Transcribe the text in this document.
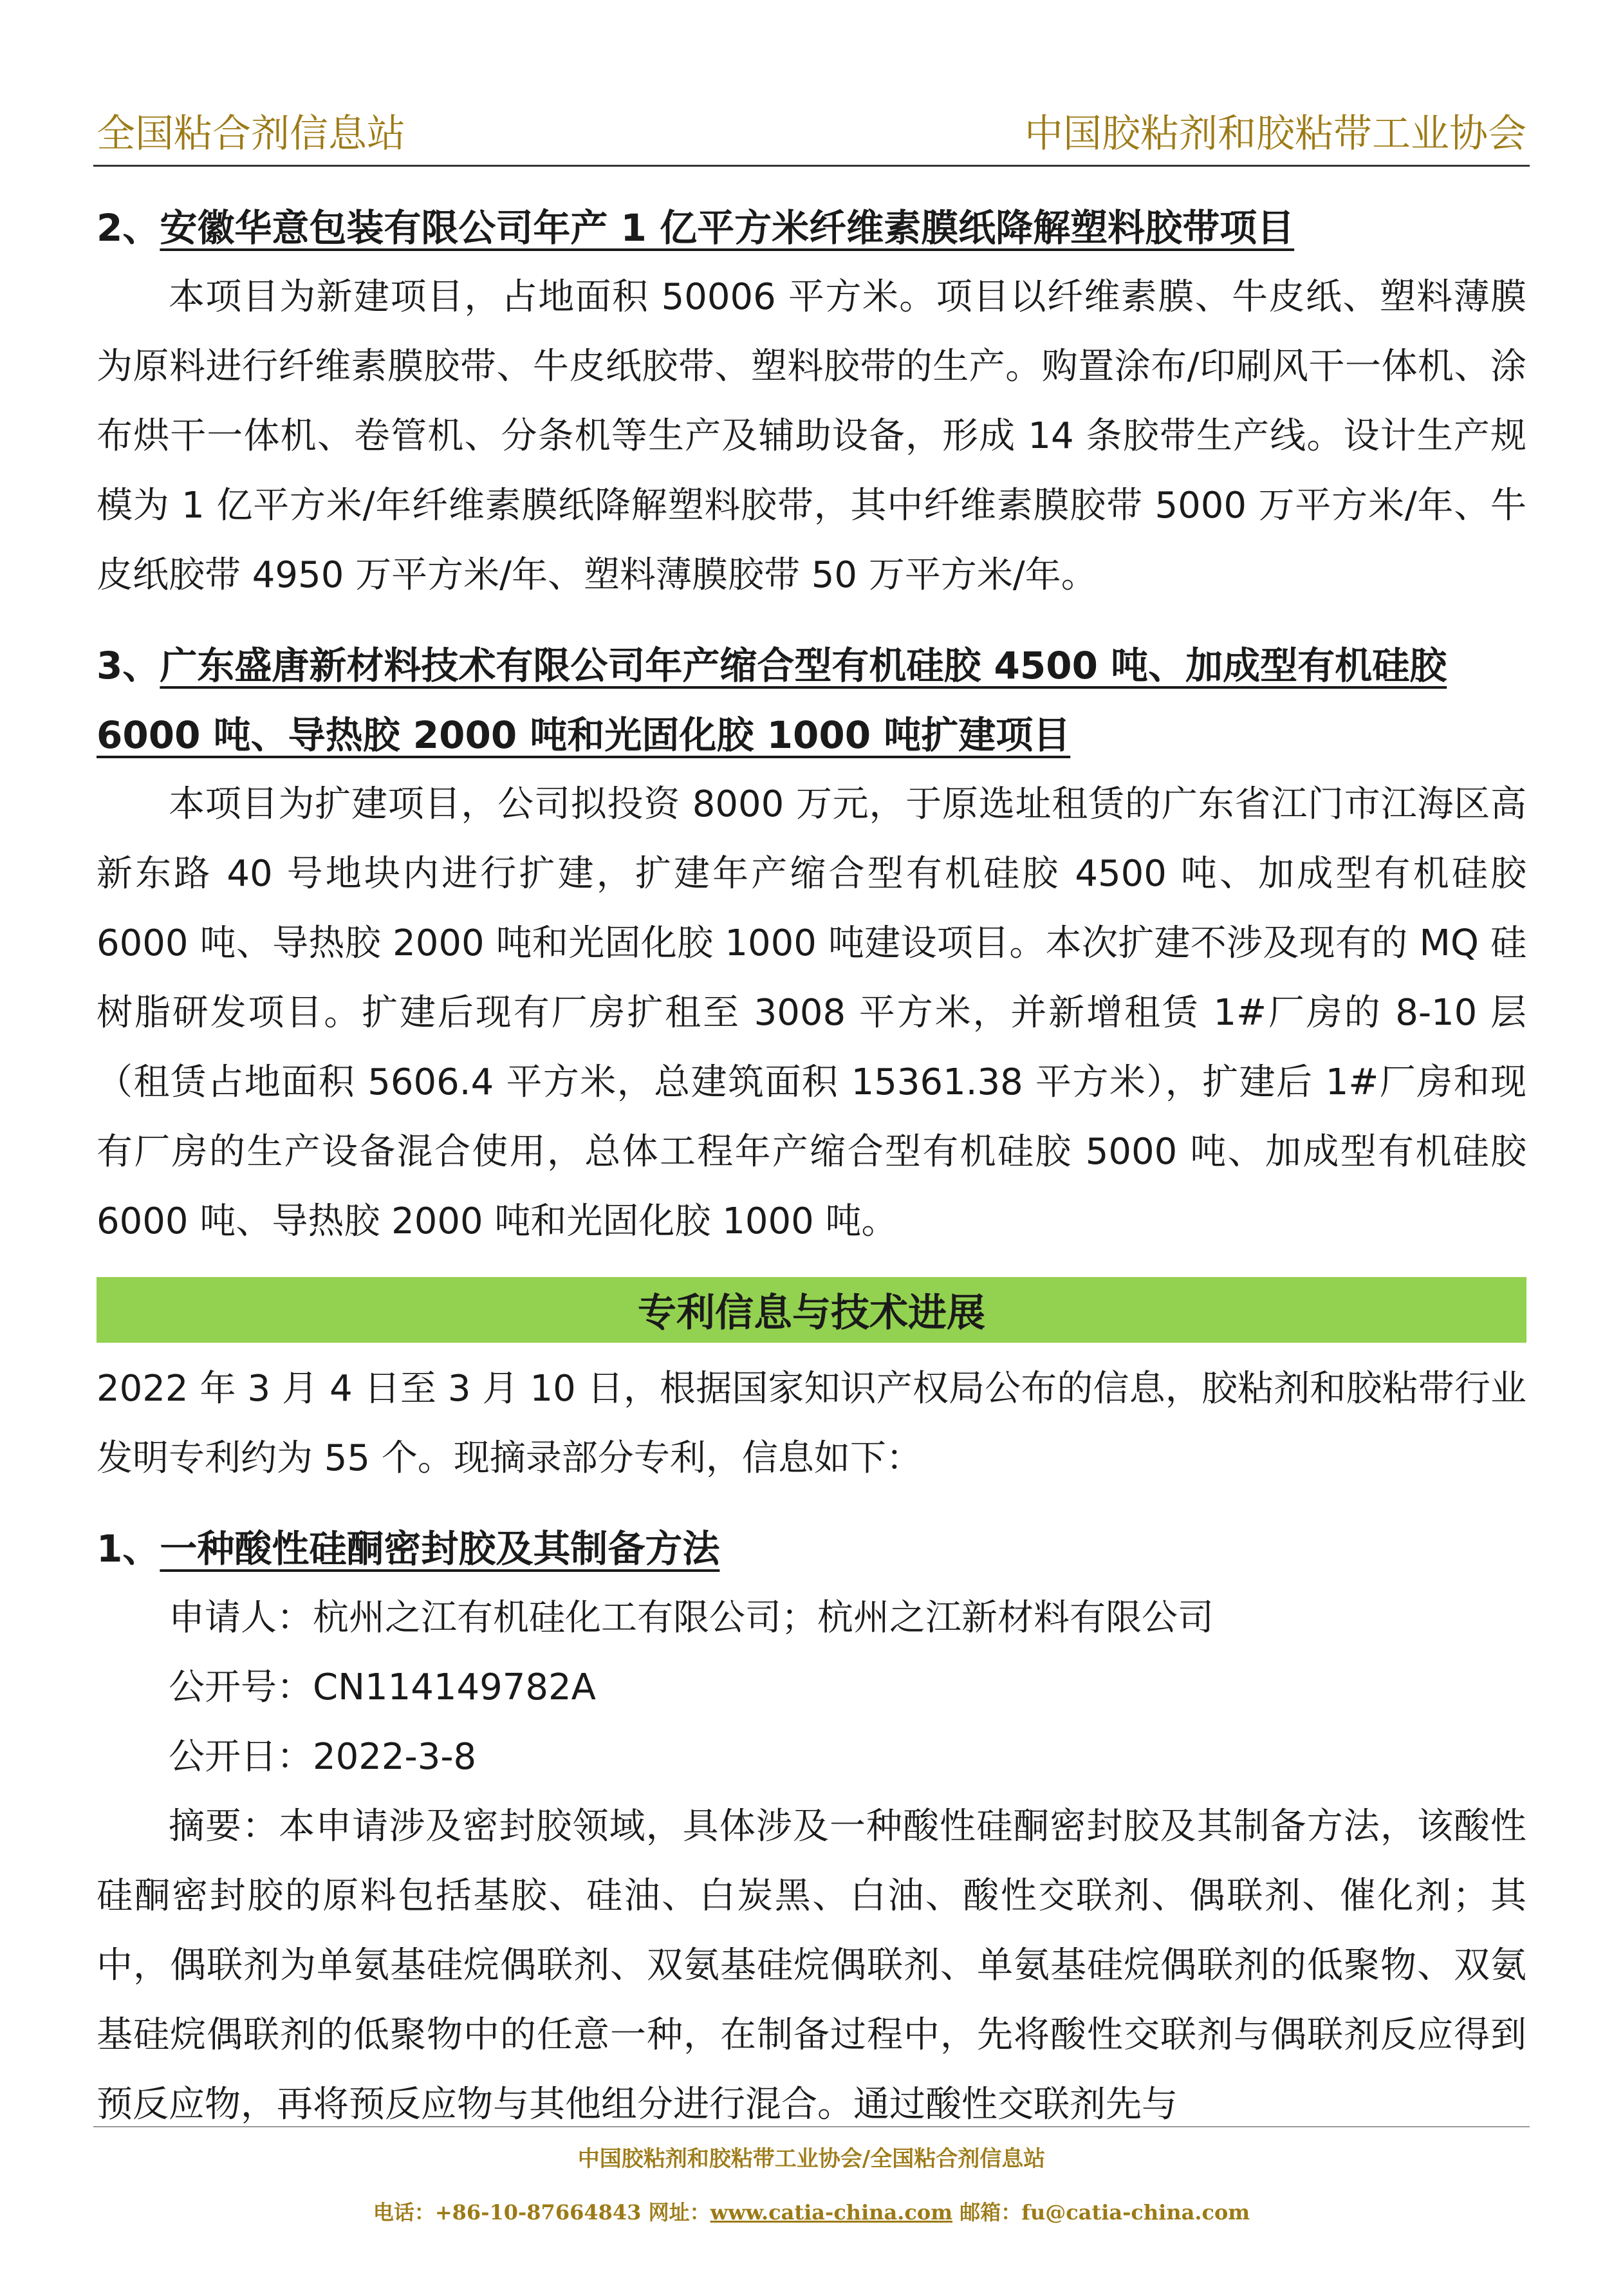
全国粘合剂信息站	中国胶粘剂和胶粘带工业协会

2、安徽华意包装有限公司年产 1 亿平方米纤维素膜纸降解塑料胶带项目

本项目为新建项目，占地面积 50006 平方米。项目以纤维素膜、牛皮纸、塑料薄膜为原料进行纤维素膜胶带、牛皮纸胶带、塑料胶带的生产。购置涂布/印刷风干一体机、涂布烘干一体机、卷管机、分条机等生产及辅助设备，形成 14 条胶带生产线。设计生产规模为 1 亿平方米/年纤维素膜纸降解塑料胶带，其中纤维素膜胶带 5000 万平方米/年、牛皮纸胶带 4950 万平方米/年、塑料薄膜胶带 50 万平方米/年。

3、广东盛唐新材料技术有限公司年产缩合型有机硅胶 4500 吨、加成型有机硅胶 6000 吨、导热胶 2000 吨和光固化胶 1000 吨扩建项目

本项目为扩建项目，公司拟投资 8000 万元，于原选址租赁的广东省江门市江海区高新东路 40 号地块内进行扩建，扩建年产缩合型有机硅胶 4500 吨、加成型有机硅胶 6000 吨、导热胶 2000 吨和光固化胶 1000 吨建设项目。本次扩建不涉及现有的 MQ 硅树脂研发项目。扩建后现有厂房扩租至 3008 平方米，并新增租赁 1#厂房的 8-10 层（租赁占地面积 5606.4 平方米，总建筑面积 15361.38 平方米），扩建后 1#厂房和现有厂房的生产设备混合使用，总体工程年产缩合型有机硅胶 5000 吨、加成型有机硅胶 6000 吨、导热胶 2000 吨和光固化胶 1000 吨。

专利信息与技术进展

2022 年 3 月 4 日至 3 月 10 日，根据国家知识产权局公布的信息，胶粘剂和胶粘带行业发明专利约为 55 个。现摘录部分专利，信息如下：

1、一种酸性硅酮密封胶及其制备方法

申请人：杭州之江有机硅化工有限公司；杭州之江新材料有限公司

公开号：CN114149782A

公开日：2022-3-8

摘要：本申请涉及密封胶领域，具体涉及一种酸性硅酮密封胶及其制备方法，该酸性硅酮密封胶的原料包括基胶、硅油、白炭黑、白油、酸性交联剂、偶联剂、催化剂；其中，偶联剂为单氨基硅烷偶联剂、双氨基硅烷偶联剂、单氨基硅烷偶联剂的低聚物、双氨基硅烷偶联剂的低聚物中的任意一种，在制备过程中，先将酸性交联剂与偶联剂反应得到预反应物，再将预反应物与其他组分进行混合。通过酸性交联剂先与

中国胶粘剂和胶粘带工业协会/全国粘合剂信息站
电话：+86-10-87664843 网址：www.catia-china.com 邮箱：fu@catia-china.com
